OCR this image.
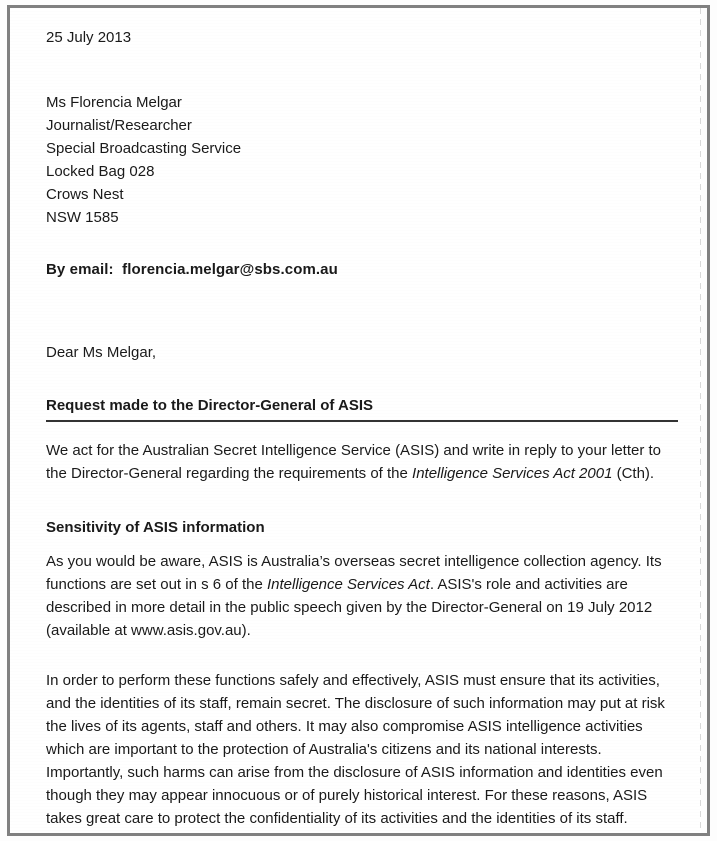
25 July 2013
Ms Florencia Melgar
Journalist/Researcher
Special Broadcasting Service
Locked Bag 028
Crows Nest
NSW 1585
By email:  florencia.melgar@sbs.com.au
Dear Ms Melgar,
Request made to the Director-General of ASIS

We act for the Australian Secret Intelligence Service (ASIS) and write in reply to your letter to the Director-General regarding the requirements of the Intelligence Services Act 2001 (Cth).

Sensitivity of ASIS information

As you would be aware, ASIS is Australia’s overseas secret intelligence collection agency. Its functions are set out in s 6 of the Intelligence Services Act. ASIS's role and activities are described in more detail in the public speech given by the Director-General on 19 July 2012 (available at www.asis.gov.au).

In order to perform these functions safely and effectively, ASIS must ensure that its activities, and the identities of its staff, remain secret. The disclosure of such information may put at risk the lives of its agents, staff and others. It may also compromise ASIS intelligence activities which are important to the protection of Australia's citizens and its national interests. Importantly, such harms can arise from the disclosure of ASIS information and identities even though they may appear innocuous or of purely historical interest. For these reasons, ASIS takes great care to protect the confidentiality of its activities and the identities of its staff.
